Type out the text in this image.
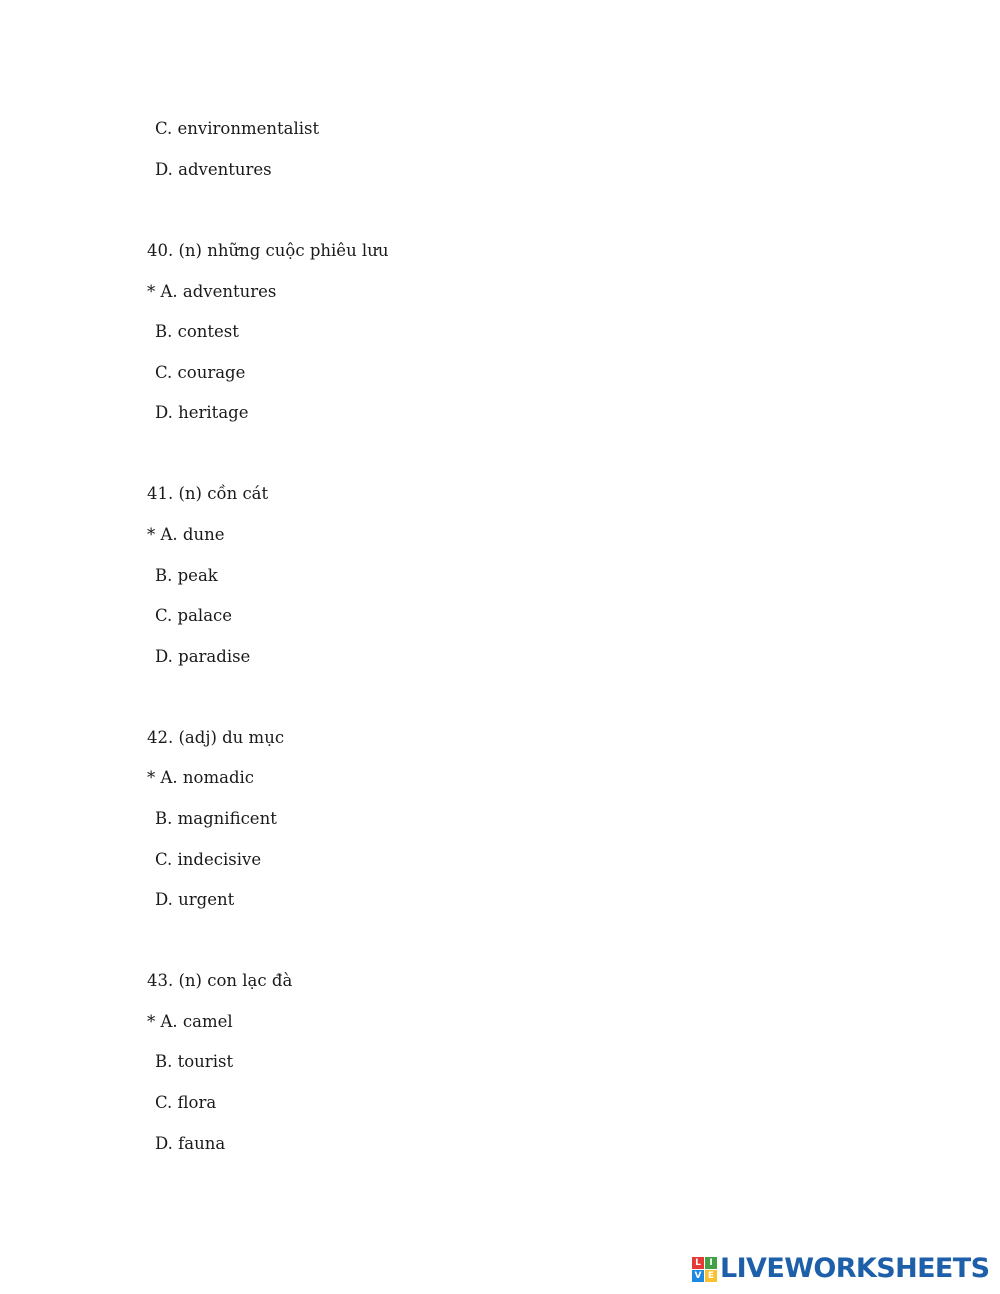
C. environmentalist
D. adventures
40. (n) những cuộc phiêu lưu
* A. adventures
B. contest
C. courage
D. heritage
41. (n) cồn cát
* A. dune
B. peak
C. palace
D. paradise
42. (adj) du mục
* A. nomadic
B. magnificent
C. indecisive
D. urgent
43. (n) con lạc đà
* A. camel
B. tourist
C. flora
D. fauna
L I
V E LIVEWORKSHEETS
